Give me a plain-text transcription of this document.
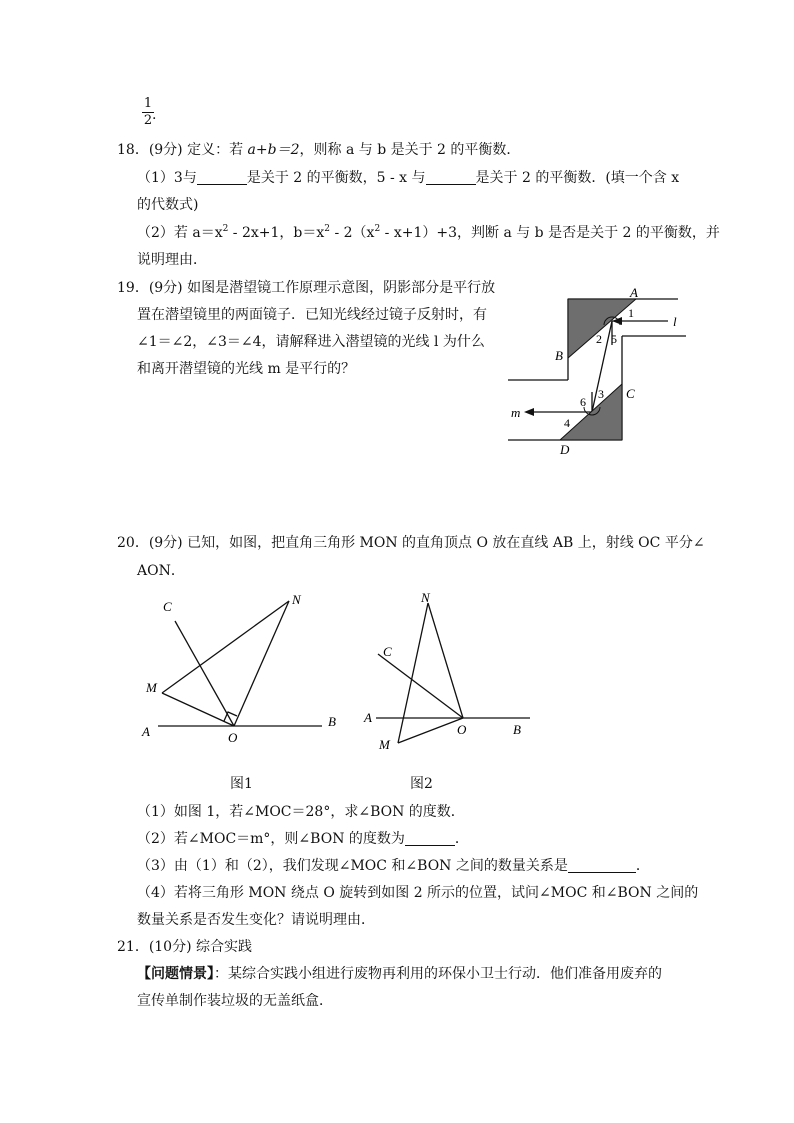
1
2 .
18．(9分) 定义：若 a+b＝2，则称 a 与 b 是关于 2 的平衡数．
（1）3与	是关于 2 的平衡数，5 - x 与	是关于 2 的平衡数．(填一个含 x
的代数式)
（2）若 $a=x^2 - 2x+1$，$b=x^2 - 2(x^2 - x+1)+3$，判断 a 与 b 是否是关于 2 的平衡数，并
说明理由．
19．(9分) 如图是潜望镜工作原理示意图，阴影部分是平行放
置在潜望镜里的两面镜子．已知光线经过镜子反射时，有
∠1＝∠2，∠3＝∠4，请解释进入潜望镜的光线 l 为什么
和离开潜望镜的光线 m 是平行的？
A
B
C
D
l
m
1
2
3
4
5
6
20．(9分) 已知，如图，把直角三角形 MON 的直角顶点 O 放在直线 AB 上，射线 OC 平分∠
AON．
C	N
M
A	O
B
图1
N
C
A
O	B
M
图2
（1）如图 1，若∠MOC＝28°，求∠BON 的度数．
（2）若∠MOC＝m°，则∠BON 的度数为	．
（3）由（1）和（2），我们发现∠MOC 和∠BON 之间的数量关系是	．
（4）若将三角形 MON 绕点 O 旋转到如图 2 所示的位置，试问∠MOC 和∠BON 之间的
数量关系是否发生变化？请说明理由．
21．(10分) 综合实践
【问题情景】：某综合实践小组进行废物再利用的环保小卫士行动．他们准备用废弃的
宣传单制作装垃圾的无盖纸盒．
